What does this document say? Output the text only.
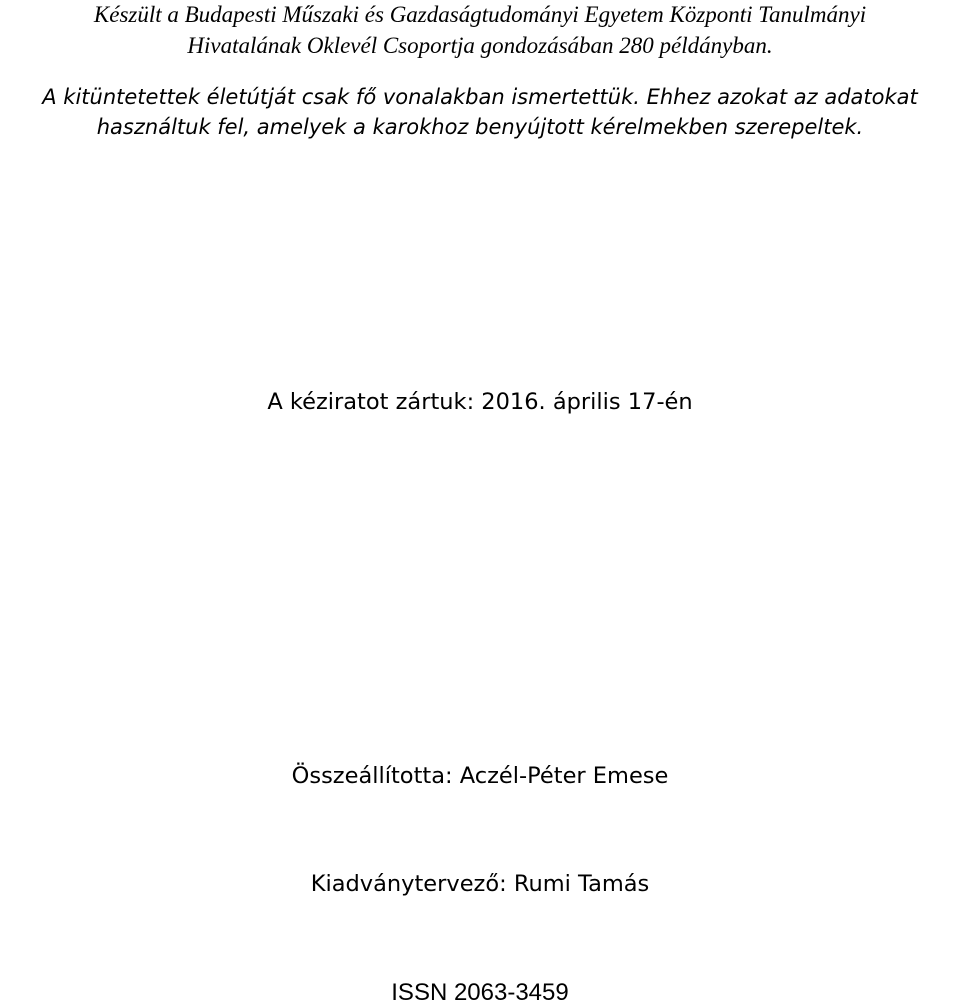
Készült a Budapesti Műszaki és Gazdaságtudományi Egyetem Központi Tanulmányi
Hivatalának Oklevél Csoportja gondozásában 280 példányban.
A kitüntetettek életútját csak fő vonalakban ismertettük. Ehhez azokat az adatokat
használtuk fel, amelyek a karokhoz benyújtott kérelmekben szerepeltek.
A kéziratot zártuk: 2016. április 17-én
Összeállította: Aczél-Péter Emese
Kiadványtervező: Rumi Tamás
ISSN 2063-3459
